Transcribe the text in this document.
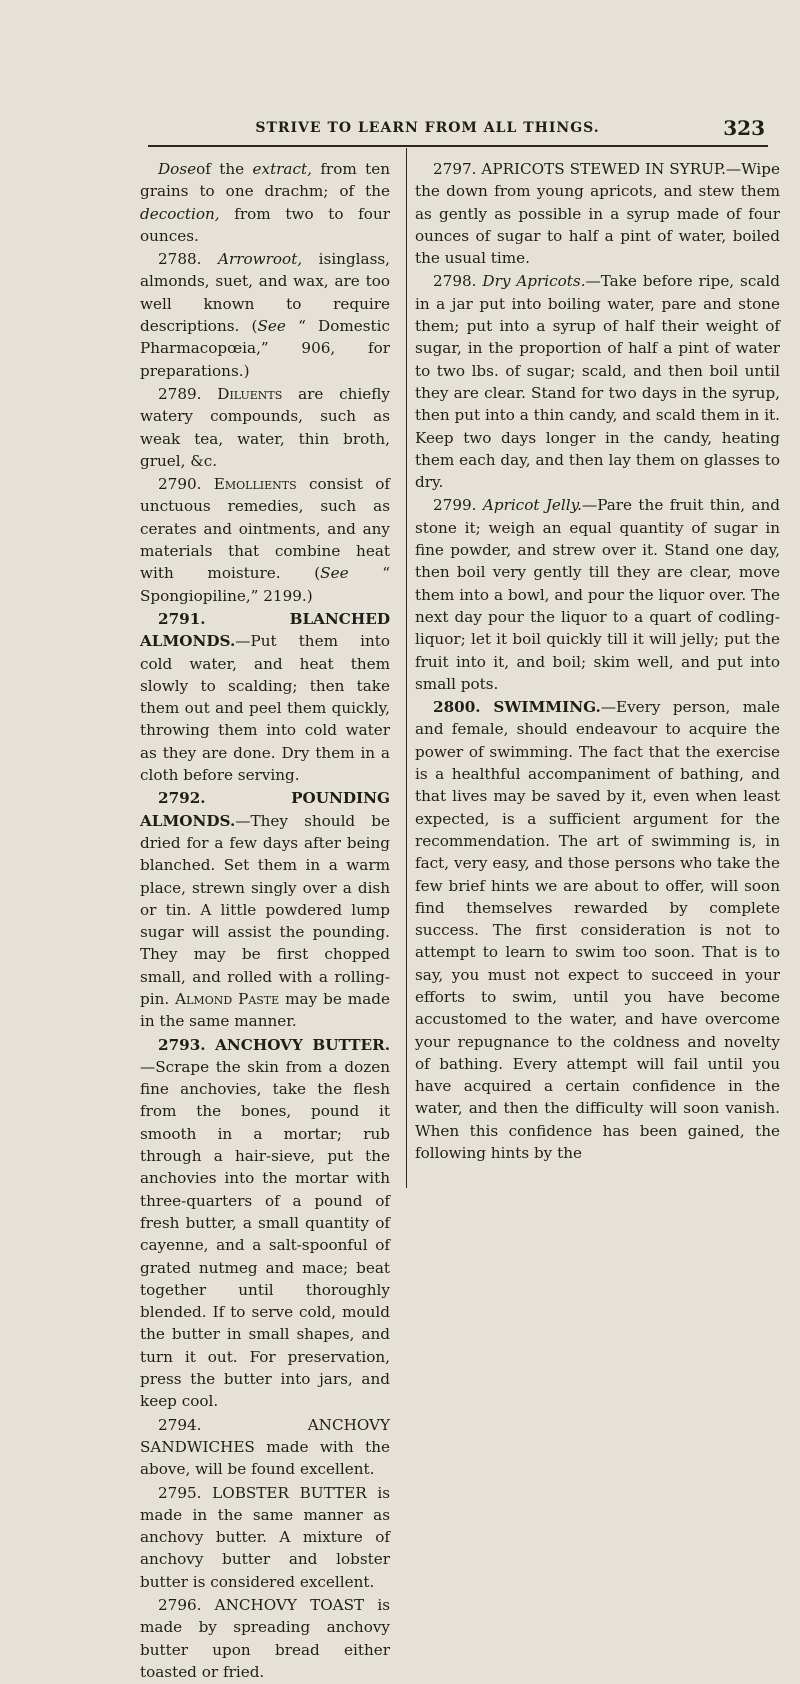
STRIVE TO LEARN FROM ALL THINGS.	323

Doseof the extract, from ten grains to one drachm; of the decoction, from two to four ounces.

2788. Arrowroot, isinglass, almonds, suet, and wax, are too well known to require descriptions. (See “ Domestic Pharmacopœia,” 906, for preparations.)

2789. Diluents are chiefly watery compounds, such as weak tea, water, thin broth, gruel, &c.

2790. Emollients consist of unctuous remedies, such as cerates and ointments, and any materials that combine heat with moisture. (See “ Spongiopiline,” 2199.)

2791. BLANCHED ALMONDS.—Put them into cold water, and heat them slowly to scalding; then take them out and peel them quickly, throwing them into cold water as they are done. Dry them in a cloth before serving.

2792. POUNDING ALMONDS.—They should be dried for a few days after being blanched. Set them in a warm place, strewn singly over a dish or tin. A little powdered lump sugar will assist the pounding. They may be first chopped small, and rolled with a rolling-pin. Almond Paste may be made in the same manner.

2793. ANCHOVY BUTTER.—Scrape the skin from a dozen fine anchovies, take the flesh from the bones, pound it smooth in a mortar; rub through a hair-sieve, put the anchovies into the mortar with three-quarters of a pound of fresh butter, a small quantity of cayenne, and a salt-spoonful of grated nutmeg and mace; beat together until thoroughly blended. If to serve cold, mould the butter in small shapes, and turn it out. For preservation, press the butter into jars, and keep cool.

2794. ANCHOVY SANDWICHES made with the above, will be found excellent.

2795. LOBSTER BUTTER is made in the same manner as anchovy butter. A mixture of anchovy butter and lobster butter is considered excellent.

2796. ANCHOVY TOAST is made by spreading anchovy butter upon bread either toasted or fried.

2797. APRICOTS STEWED IN SYRUP.—Wipe the down from young apricots, and stew them as gently as possible in a syrup made of four ounces of sugar to half a pint of water, boiled the usual time.

2798. Dry Apricots.—Take before ripe, scald in a jar put into boiling water, pare and stone them; put into a syrup of half their weight of sugar, in the proportion of half a pint of water to two lbs. of sugar; scald, and then boil until they are clear. Stand for two days in the syrup, then put into a thin candy, and scald them in it. Keep two days longer in the candy, heating them each day, and then lay them on glasses to dry.

2799. Apricot Jelly.—Pare the fruit thin, and stone it; weigh an equal quantity of sugar in fine powder, and strew over it. Stand one day, then boil very gently till they are clear, move them into a bowl, and pour the liquor over. The next day pour the liquor to a quart of codling-liquor; let it boil quickly till it will jelly; put the fruit into it, and boil; skim well, and put into small pots.

2800. SWIMMING.—Every person, male and female, should endeavour to acquire the power of swimming. The fact that the exercise is a healthful accompaniment of bathing, and that lives may be saved by it, even when least expected, is a sufficient argument for the recommendation. The art of swimming is, in fact, very easy, and those persons who take the few brief hints we are about to offer, will soon find themselves rewarded by complete success. The first consideration is not to attempt to learn to swim too soon. That is to say, you must not expect to succeed in your efforts to swim, until you have become accustomed to the water, and have overcome your repugnance to the coldness and novelty of bathing. Every attempt will fail until you have acquired a certain confidence in the water, and then the difficulty will soon vanish. When this confidence has been gained, the following hints by the
